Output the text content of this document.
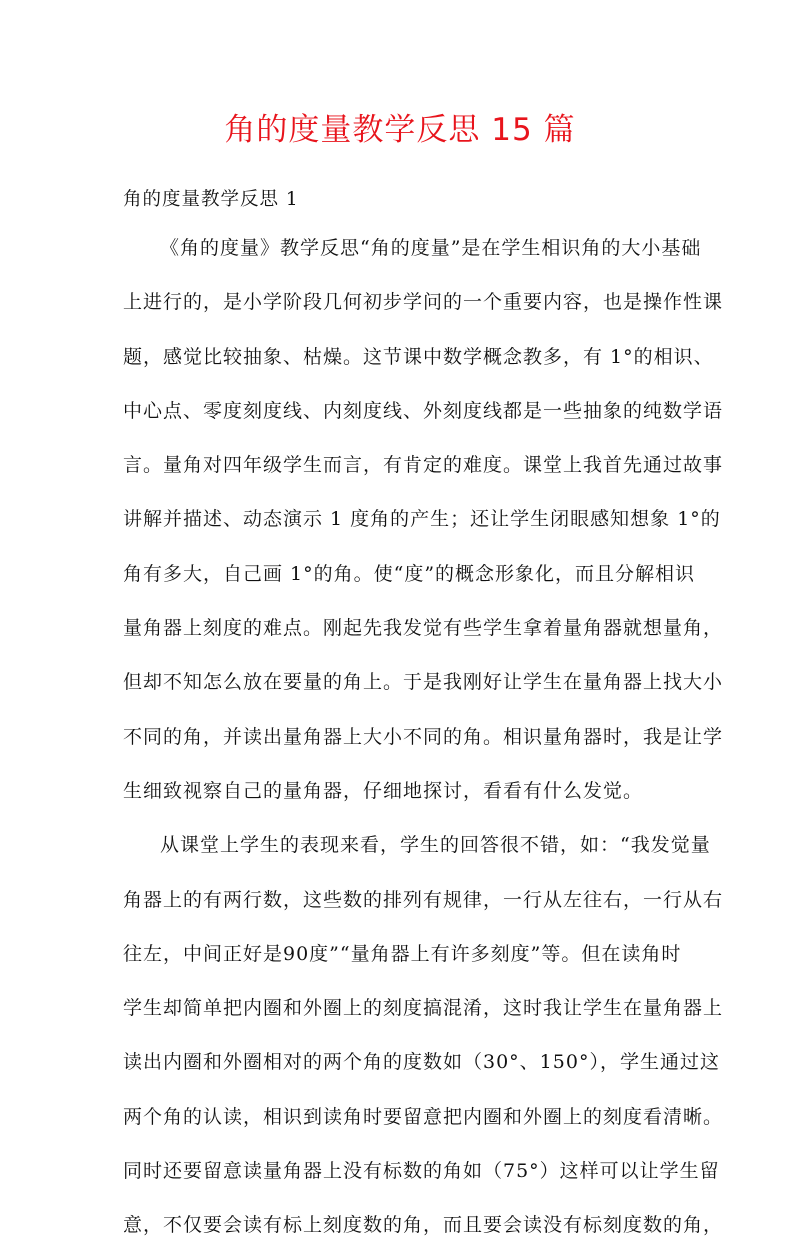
角的度量教学反思 15 篇
角的度量教学反思 1
《角的度量》教学反思“角的度量”是在学生相识角的大小基础
上进行的，是小学阶段几何初步学问的一个重要内容，也是操作性课
题，感觉比较抽象、枯燥。这节课中数学概念教多，有 1°的相识、
中心点、零度刻度线、内刻度线、外刻度线都是一些抽象的纯数学语
言。量角对四年级学生而言，有肯定的难度。课堂上我首先通过故事
讲解并描述、动态演示 1 度角的产生；还让学生闭眼感知想象 1°的
角有多大，自己画 1°的角。使“度”的概念形象化，而且分解相识
量角器上刻度的难点。刚起先我发觉有些学生拿着量角器就想量角，
但却不知怎么放在要量的角上。于是我刚好让学生在量角器上找大小
不同的角，并读出量角器上大小不同的角。相识量角器时，我是让学
生细致视察自己的量角器，仔细地探讨，看看有什么发觉。
从课堂上学生的表现来看，学生的回答很不错，如：“我发觉量
角器上的有两行数，这些数的排列有规律，一行从左往右，一行从右
往左，中间正好是90度”“量角器上有许多刻度”等。但在读角时
学生却简单把内圈和外圈上的刻度搞混淆，这时我让学生在量角器上
读出内圈和外圈相对的两个角的度数如（30°、150°），学生通过这
两个角的认读，相识到读角时要留意把内圈和外圈上的刻度看清晰。
同时还要留意读量角器上没有标数的角如（75°）这样可以让学生留
意，不仅要会读有标上刻度数的角，而且要会读没有标刻度数的角，
